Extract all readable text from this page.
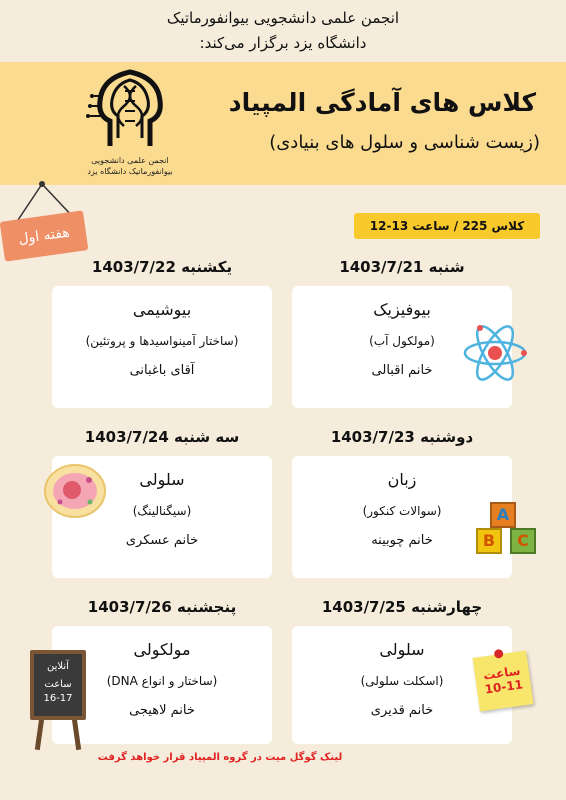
انجمن علمی دانشجویی بیوانفورماتیک
دانشگاه یزد برگزار می‌کند:
انجمن علمی دانشجویی
بیوانفورماتیک دانشگاه یزد
کلاس های آمادگی المپیاد
(زیست شناسی و سلول های بنیادی)
هفته اول	کلاس 225 / ساعت 13-12
شنبه 1403/7/21
یکشنبه 1403/7/22
بیوفیزیک
(مولکول آب)
خانم اقبالی
بیوشیمی
(ساختار آمینواسیدها و پروتئین)
آقای باغبانی
دوشنبه 1403/7/23
سه شنبه 1403/7/24
زبان
(سوالات کنکور)
خانم چوبینه
سلولی
(سیگنالینگ)
خانم عسکری
A
B	C
چهارشنبه 1403/7/25
پنجشنبه 1403/7/26
سلولی
(اسکلت سلولی)
خانم قدیری
مولکولی
(ساختار و انواع DNA)
خانم لاهیجی
ساعت
10-11
آنلاین
ساعت
16-17
لینک گوگل میت در گروه المپیاد قرار خواهد گرفت
